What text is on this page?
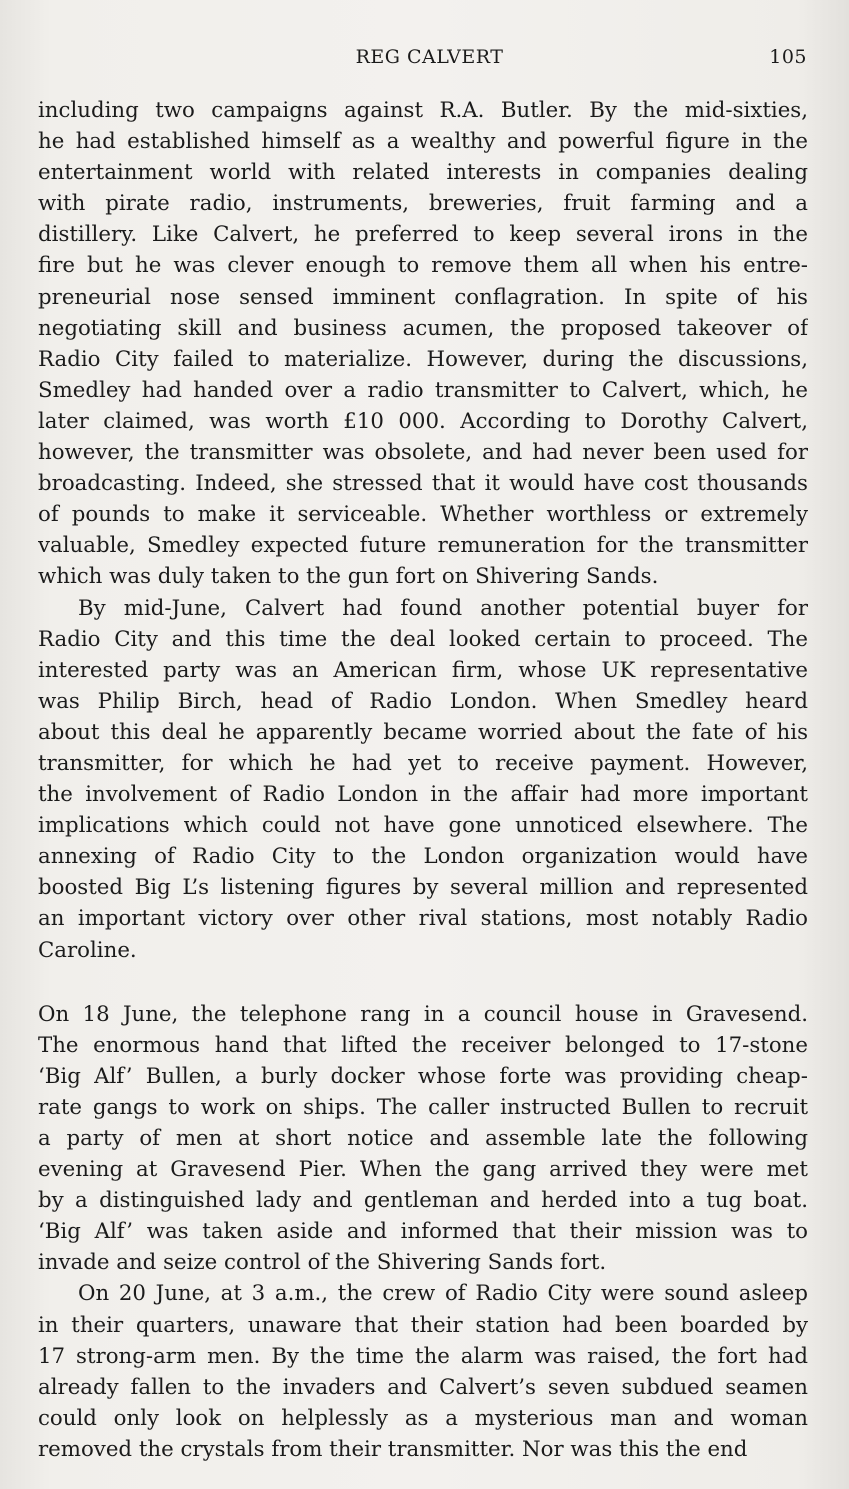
REG CALVERT	105
including two campaigns against R.A. Butler. By the mid-sixties,
he had established himself as a wealthy and powerful figure in the
entertainment world with related interests in companies dealing
with pirate radio, instruments, breweries, fruit farming and a
distillery. Like Calvert, he preferred to keep several irons in the
fire but he was clever enough to remove them all when his entre-
preneurial nose sensed imminent conflagration. In spite of his
negotiating skill and business acumen, the proposed takeover of
Radio City failed to materialize. However, during the discussions,
Smedley had handed over a radio transmitter to Calvert, which, he
later claimed, was worth £10 000. According to Dorothy Calvert,
however, the transmitter was obsolete, and had never been used for
broadcasting. Indeed, she stressed that it would have cost thousands
of pounds to make it serviceable. Whether worthless or extremely
valuable, Smedley expected future remuneration for the transmitter
which was duly taken to the gun fort on Shivering Sands.
By mid-June, Calvert had found another potential buyer for
Radio City and this time the deal looked certain to proceed. The
interested party was an American firm, whose UK representative
was Philip Birch, head of Radio London. When Smedley heard
about this deal he apparently became worried about the fate of his
transmitter, for which he had yet to receive payment. However,
the involvement of Radio London in the affair had more important
implications which could not have gone unnoticed elsewhere. The
annexing of Radio City to the London organization would have
boosted Big L’s listening figures by several million and represented
an important victory over other rival stations, most notably Radio
Caroline.
On 18 June, the telephone rang in a council house in Gravesend.
The enormous hand that lifted the receiver belonged to 17-stone
‘Big Alf’ Bullen, a burly docker whose forte was providing cheap-
rate gangs to work on ships. The caller instructed Bullen to recruit
a party of men at short notice and assemble late the following
evening at Gravesend Pier. When the gang arrived they were met
by a distinguished lady and gentleman and herded into a tug boat.
‘Big Alf’ was taken aside and informed that their mission was to
invade and seize control of the Shivering Sands fort.
On 20 June, at 3 a.m., the crew of Radio City were sound asleep
in their quarters, unaware that their station had been boarded by
17 strong-arm men. By the time the alarm was raised, the fort had
already fallen to the invaders and Calvert’s seven subdued seamen
could only look on helplessly as a mysterious man and woman
removed the crystals from their transmitter. Nor was this the end
